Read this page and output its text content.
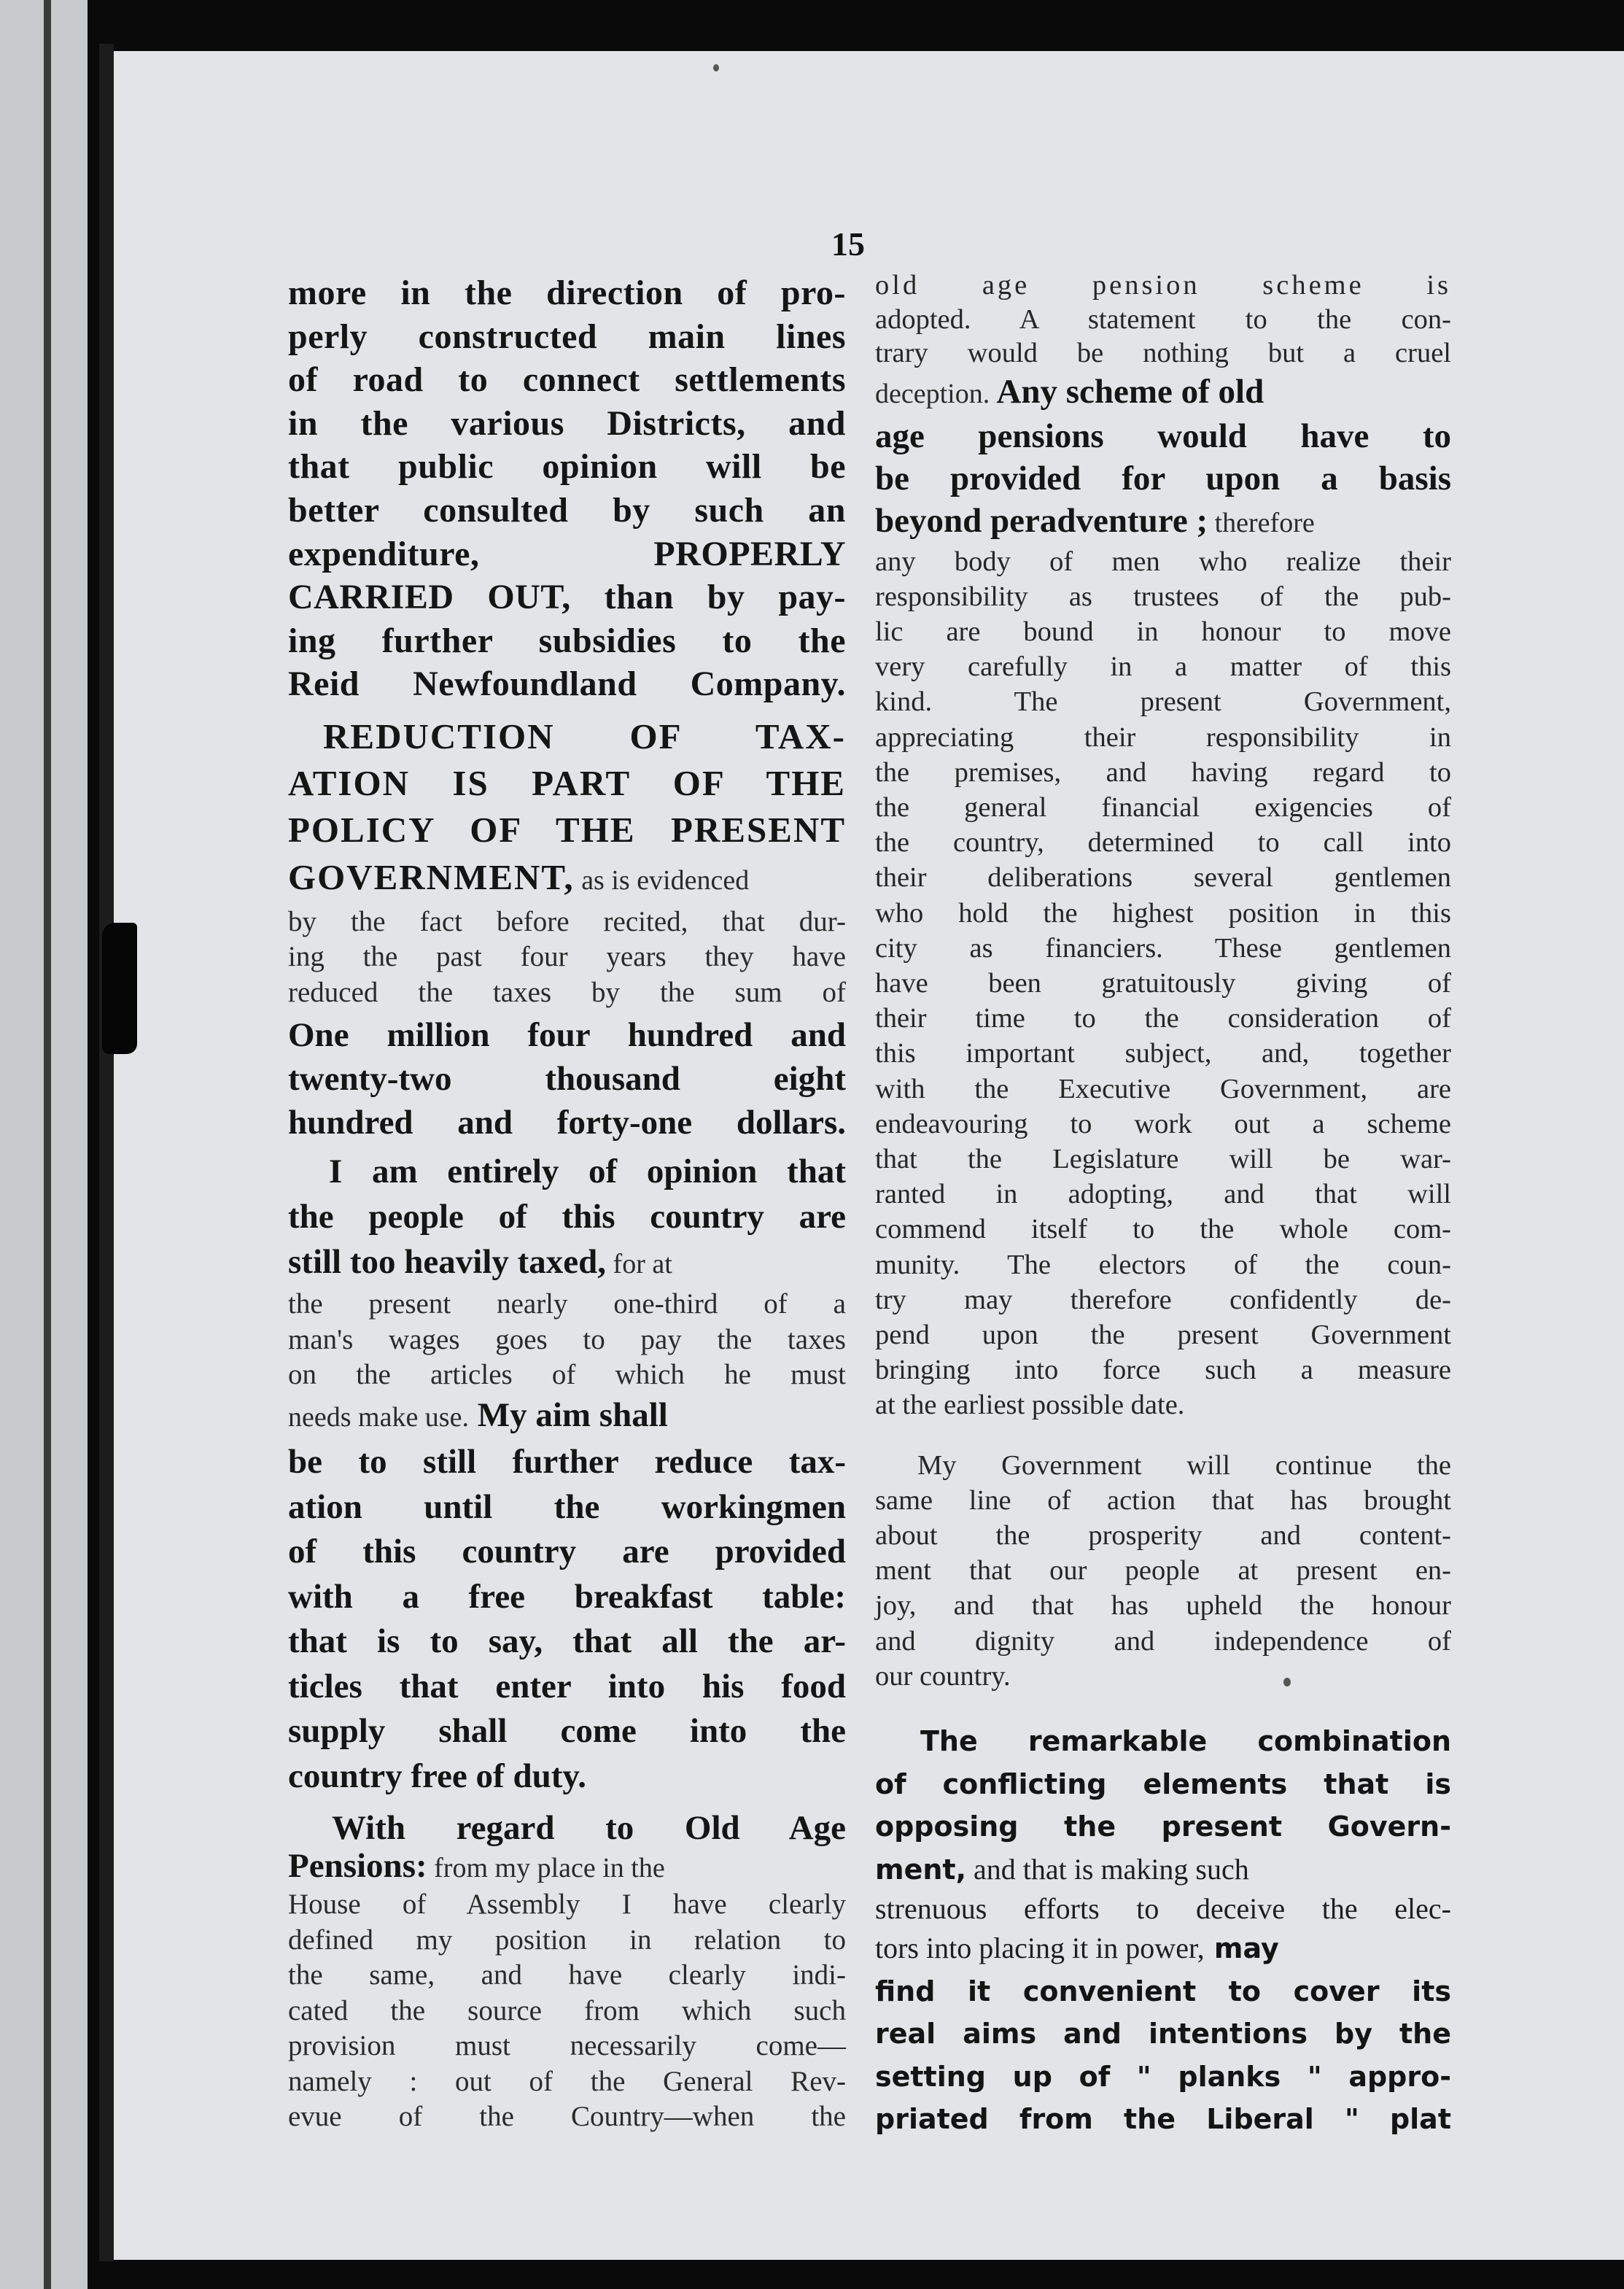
15
more in the direction of pro-
perly constructed main lines
of road to connect settlements
in the various Districts, and
that public opinion will be
better consulted by such an
expenditure, PROPERLY
CARRIED OUT, than by pay-
ing further subsidies to the
Reid Newfoundland Company.
REDUCTION OF TAX-
ATION IS PART OF THE
POLICY OF THE PRESENT
GOVERNMENT, as is evidenced
by the fact before recited, that dur-
ing the past four years they have
reduced the taxes by the sum of
One million four hundred and
twenty-two thousand eight
hundred and forty-one dollars.
I am entirely of opinion that
the people of this country are
still too heavily taxed, for at
the present nearly one-third of a
man's wages goes to pay the taxes
on the articles of which he must
needs make use. My aim shall
be to still further reduce tax-
ation until the workingmen
of this country are provided
with a free breakfast table:
that is to say, that all the ar-
ticles that enter into his food
supply shall come into the
country free of duty.
With regard to Old Age
Pensions: from my place in the
House of Assembly I have clearly
defined my position in relation to
the same, and have clearly indi-
cated the source from which such
provision must necessarily come—
namely : out of the General Rev-
evue of the Country—when the
old age pension scheme is
adopted. A statement to the con-
trary would be nothing but a cruel
deception. Any scheme of old
age pensions would have to
be provided for upon a basis
beyond peradventure ; therefore
any body of men who realize their
responsibility as trustees of the pub-
lic are bound in honour to move
very carefully in a matter of this
kind. The present Government,
appreciating their responsibility in
the premises, and having regard to
the general financial exigencies of
the country, determined to call into
their deliberations several gentlemen
who hold the highest position in this
city as financiers. These gentlemen
have been gratuitously giving of
their time to the consideration of
this important subject, and, together
with the Executive Government, are
endeavouring to work out a scheme
that the Legislature will be war-
ranted in adopting, and that will
commend itself to the whole com-
munity. The electors of the coun-
try may therefore confidently de-
pend upon the present Government
bringing into force such a measure
at the earliest possible date.
My Government will continue the
same line of action that has brought
about the prosperity and content-
ment that our people at present en-
joy, and that has upheld the honour
and dignity and independence of
our country.
The remarkable combination
of conflicting elements that is
opposing the present Govern-
ment, and that is making such
strenuous efforts to deceive the elec-
tors into placing it in power, may
find it convenient to cover its
real aims and intentions by the
setting up of " planks " appro-
priated from the Liberal " plat
